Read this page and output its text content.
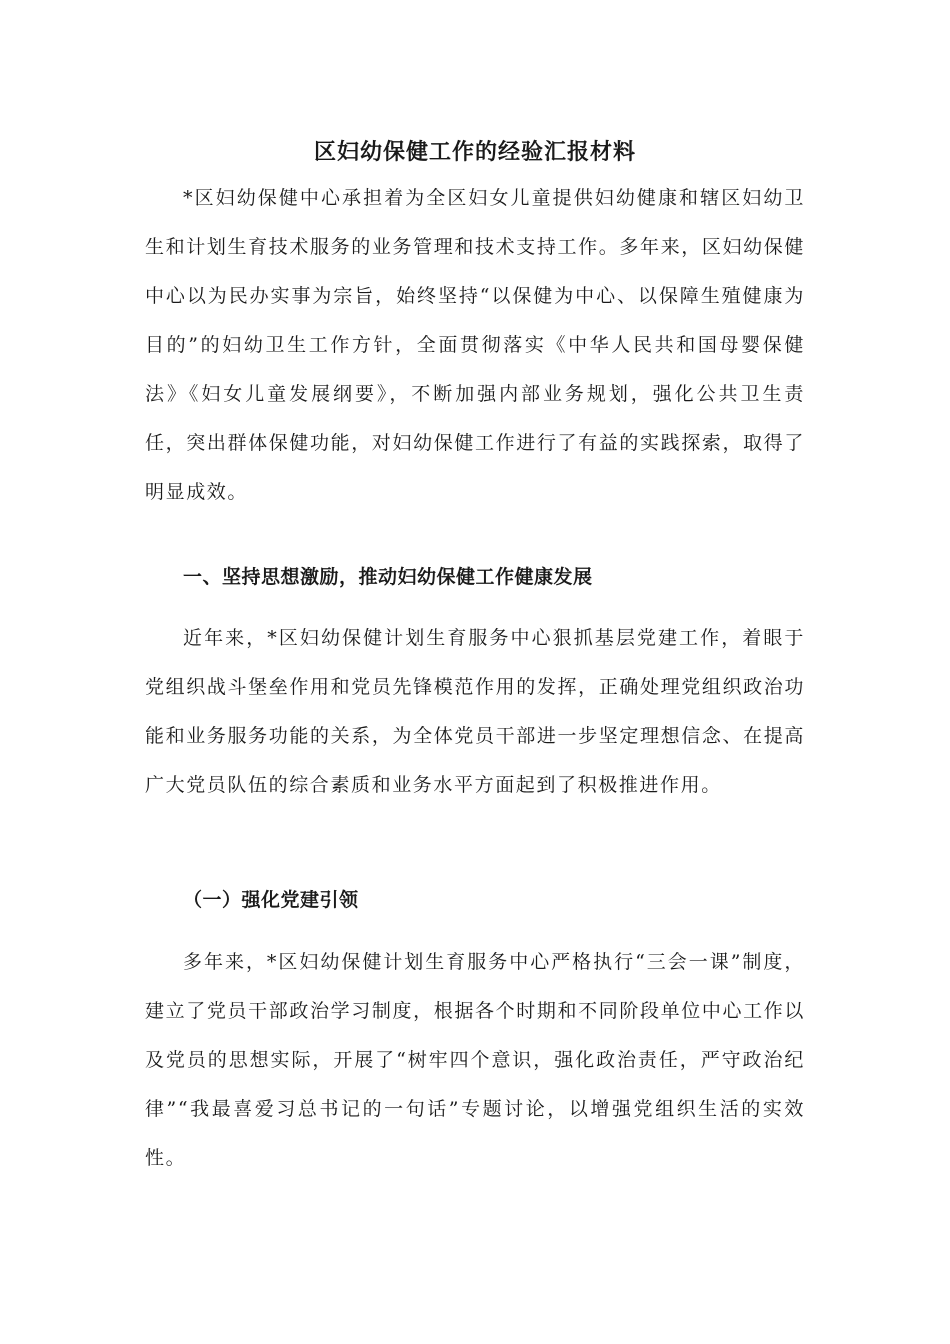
区妇幼保健工作的经验汇报材料

*区妇幼保健中心承担着为全区妇女儿童提供妇幼健康和辖区妇幼卫生和计划生育技术服务的业务管理和技术支持工作。多年来，区妇幼保健中心以为民办实事为宗旨，始终坚持“以保健为中心、以保障生殖健康为目的”的妇幼卫生工作方针，全面贯彻落实《中华人民共和国母婴保健法》《妇女儿童发展纲要》，不断加强内部业务规划，强化公共卫生责任，突出群体保健功能，对妇幼保健工作进行了有益的实践探索，取得了明显成效。

一、坚持思想激励，推动妇幼保健工作健康发展

近年来，*区妇幼保健计划生育服务中心狠抓基层党建工作，着眼于党组织战斗堡垒作用和党员先锋模范作用的发挥，正确处理党组织政治功能和业务服务功能的关系，为全体党员干部进一步坚定理想信念、在提高广大党员队伍的综合素质和业务水平方面起到了积极推进作用。

（一）强化党建引领

多年来，*区妇幼保健计划生育服务中心严格执行“三会一课”制度，建立了党员干部政治学习制度，根据各个时期和不同阶段单位中心工作以及党员的思想实际，开展了“树牢四个意识，强化政治责任，严守政治纪律”“我最喜爱习总书记的一句话”专题讨论，以增强党组织生活的实效性。
